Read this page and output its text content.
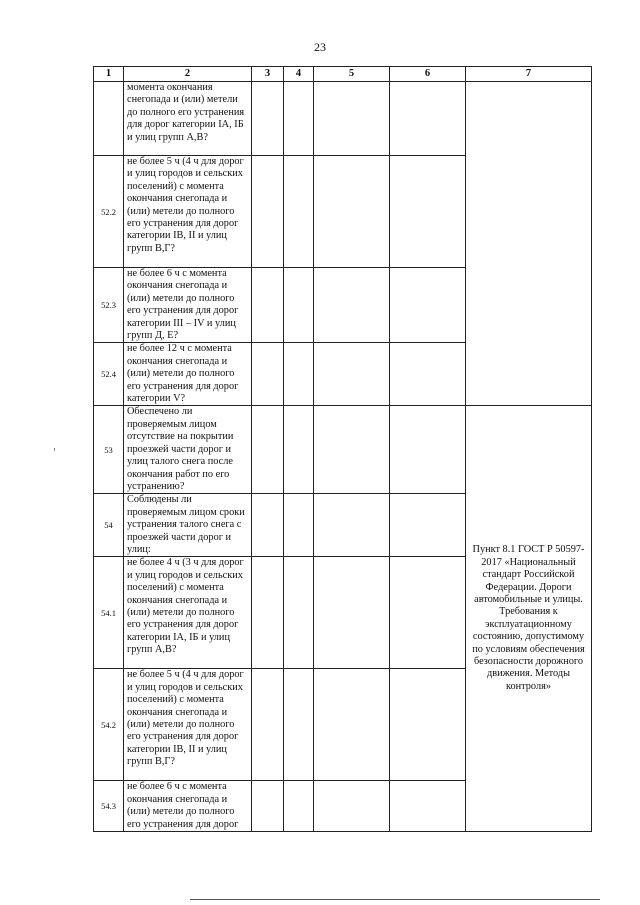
23
1	2	3	4	5	6	7
	момента окончания снегопада и (или) метели до полного его устранения для дорог категории IA, IБ и улиц групп А,В?					
52.2	не более 5 ч (4 ч для дорог и улиц городов и сельских поселений) с момента окончания снегопада и (или) метели до полного его устранения для дорог категории IB, II и улиц групп В,Г?					
52.3	не более 6 ч с момента окончания снегопада и (или) метели до полного его устранения для дорог категории III – IV и улиц групп Д, Е?					
52.4	не более 12 ч с момента окончания снегопада и (или) метели до полного его устранения для дорог категории V?					
53	Обеспечено ли проверяемым лицом отсутствие на покрытии проезжей части дорог и улиц талого снега после окончания работ по его устранению?					Пункт 8.1 ГОСТ Р 50597-2017 «Национальный стандарт Российской Федерации. Дороги автомобильные и улицы. Требования к эксплуатационному состоянию, допустимому по условиям обеспечения безопасности дорожного движения. Методы контроля»
54	Соблюдены ли проверяемым лицом сроки устранения талого снега с проезжей части дорог и улиц:					
54.1	не более 4 ч (3 ч для дорог и улиц городов и сельских поселений) с момента окончания снегопада и (или) метели до полного его устранения для дорог категории IA, IБ и улиц групп А,В?					
54.2	не более 5 ч (4 ч для дорог и улиц городов и сельских поселений) с момента окончания снегопада и (или) метели до полного его устранения для дорог категории IB, II и улиц групп В,Г?					
54.3	не более 6 ч с момента окончания снегопада и (или) метели до полного его устранения для дорог					
